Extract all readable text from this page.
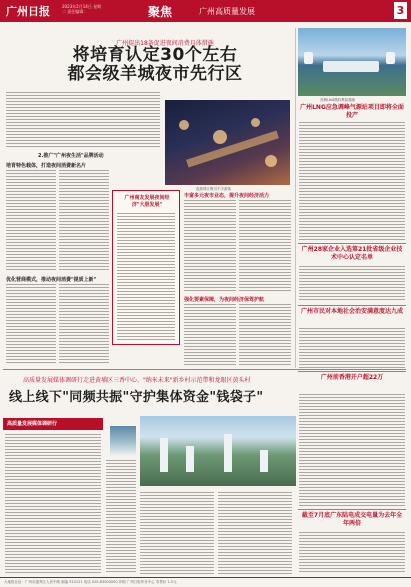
广州日报	2023年2月14日 星期二 责任编辑：	聚焦	广州高质量发展	3
广州提出18条促进夜间消费具体措施
将培育认定30个左右
都会级羊城夜市先行区
2.推广"广州夜生活"品牌活动
培育特色载体，打造夜间消费新名片
优化营商模式，推动夜间消费"提质上新"
夜游珠江吸引不少游客
广州南友发展夜间经济"大胆发展"
丰富多元夜市业态，提升夜间经济活力
强化要素保障，为夜间经济保驾护航
首艘LNG燃料集装箱船
广州LNG应急调峰气源站项目即将全面投产
广州28家企业入选第21批省级企业技术中心认定名单
广州市民对本地社会治安满意度达九成
广州前香港开户超22万
截至7月底广东陆电成交电量为去年全年两倍
高质量发展媒体调研行走进黄埔区三香中心、"纳米未来"新乡村示范带和龙眼区黄头村
线上线下"同频共振"守护集体资金"钱袋子"
高质量发展媒体调研行
大地报社址：广州市越秀区人民中路 邮编 510121 电话 020-83000000 印刷 广州日报印务中心 零售价 1.5元
